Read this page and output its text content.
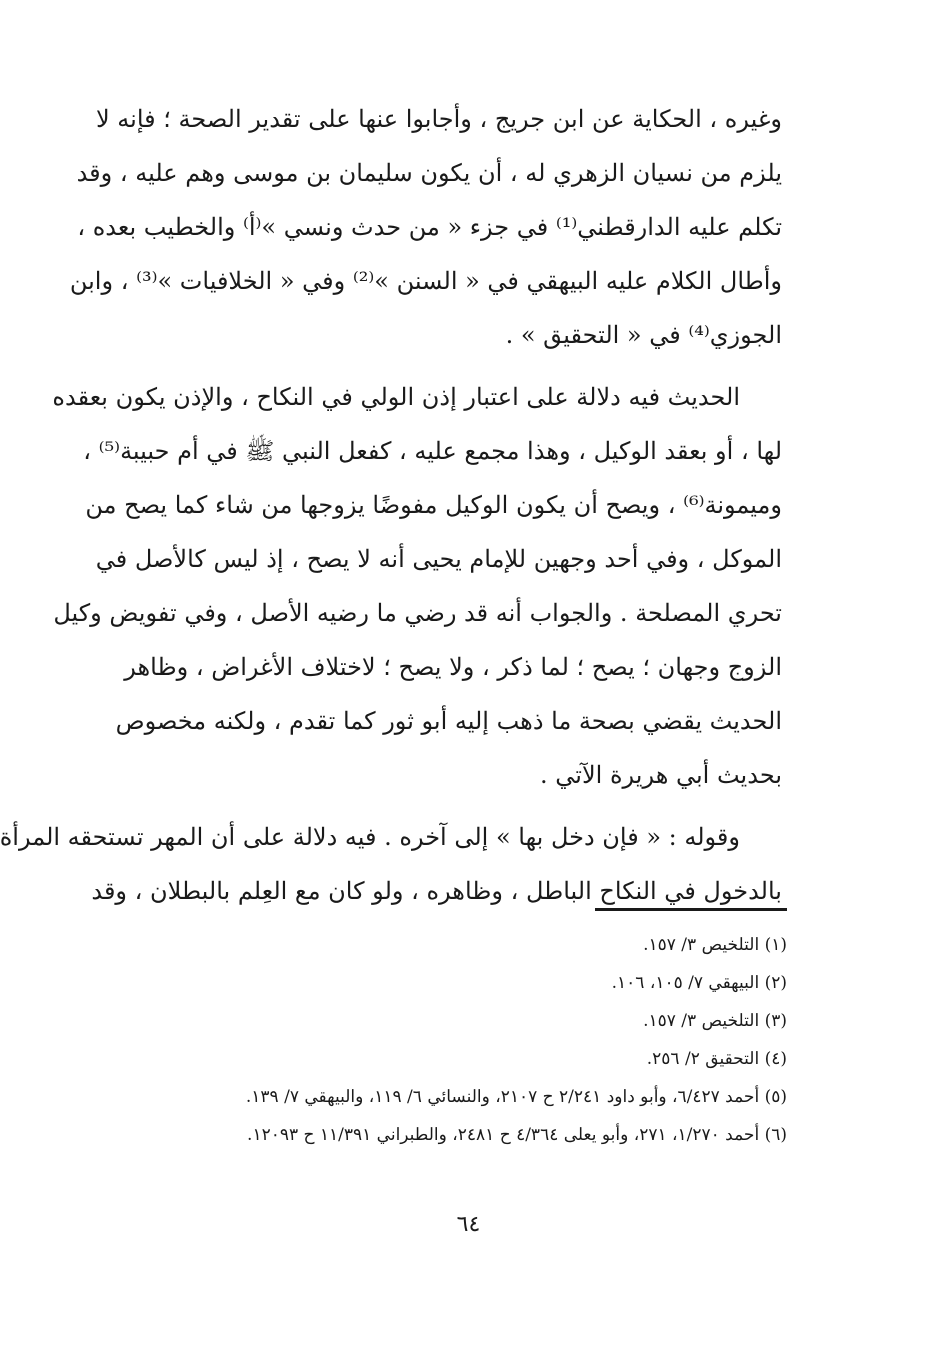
وغيره ، الحكاية عن ابن جريج ، وأجابوا عنها على تقدير الصحة ؛ فإنه لا
يلزم من نسيان الزهري له ، أن يكون سليمان بن موسى وهم عليه ، وقد
تكلم عليه الدارقطني⁽¹⁾ في جزء « من حدث ونسي »⁽أ⁾ والخطيب بعده ،
وأطال الكلام عليه البيهقي في « السنن »⁽²⁾ وفي « الخلافيات »⁽³⁾ ، وابن
الجوزي⁽⁴⁾ في « التحقيق » .

الحديث فيه دلالة على اعتبار إذن الولي في النكاح ، والإذن يكون بعقده
لها ، أو بعقد الوكيل ، وهذا مجمع عليه ، كفعل النبي ﷺ في أم حبيبة⁽⁵⁾ ،
وميمونة⁽⁶⁾ ، ويصح أن يكون الوكيل مفوضًا يزوجها من شاء كما يصح من
الموكل ، وفي أحد وجهين للإمام يحيى أنه لا يصح ، إذ ليس كالأصل في
تحري المصلحة . والجواب أنه قد رضي ما رضيه الأصل ، وفي تفويض وكيل
الزوج وجهان ؛ يصح ؛ لما ذكر ، ولا يصح ؛ لاختلاف الأغراض ، وظاهر
الحديث يقضي بصحة ما ذهب إليه أبو ثور كما تقدم ، ولكنه مخصوص
بحديث أبي هريرة الآتي .

وقوله : « فإن دخل بها » إلى آخره . فيه دلالة على أن المهر تستحقه المرأة
بالدخول في النكاح الباطل ، وظاهره ، ولو كان مع العِلم بالبطلان ، وقد

(١) التلخيص ٣/ ١٥٧.
(٢) البيهقي ٧/ ١٠٥، ١٠٦.
(٣) التلخيص ٣/ ١٥٧.
(٤) التحقيق ٢/ ٢٥٦.
(٥) أحمد ٦/٤٢٧، وأبو داود ٢/٢٤١ ح ٢١٠٧، والنسائي ٦/ ١١٩، والبيهقي ٧/ ١٣٩.
(٦) أحمد ١/٢٧٠، ٢٧١، وأبو يعلى ٤/٣٦٤ ح ٢٤٨١، والطبراني ١١/٣٩١ ح ١٢٠٩٣.
٦٤
